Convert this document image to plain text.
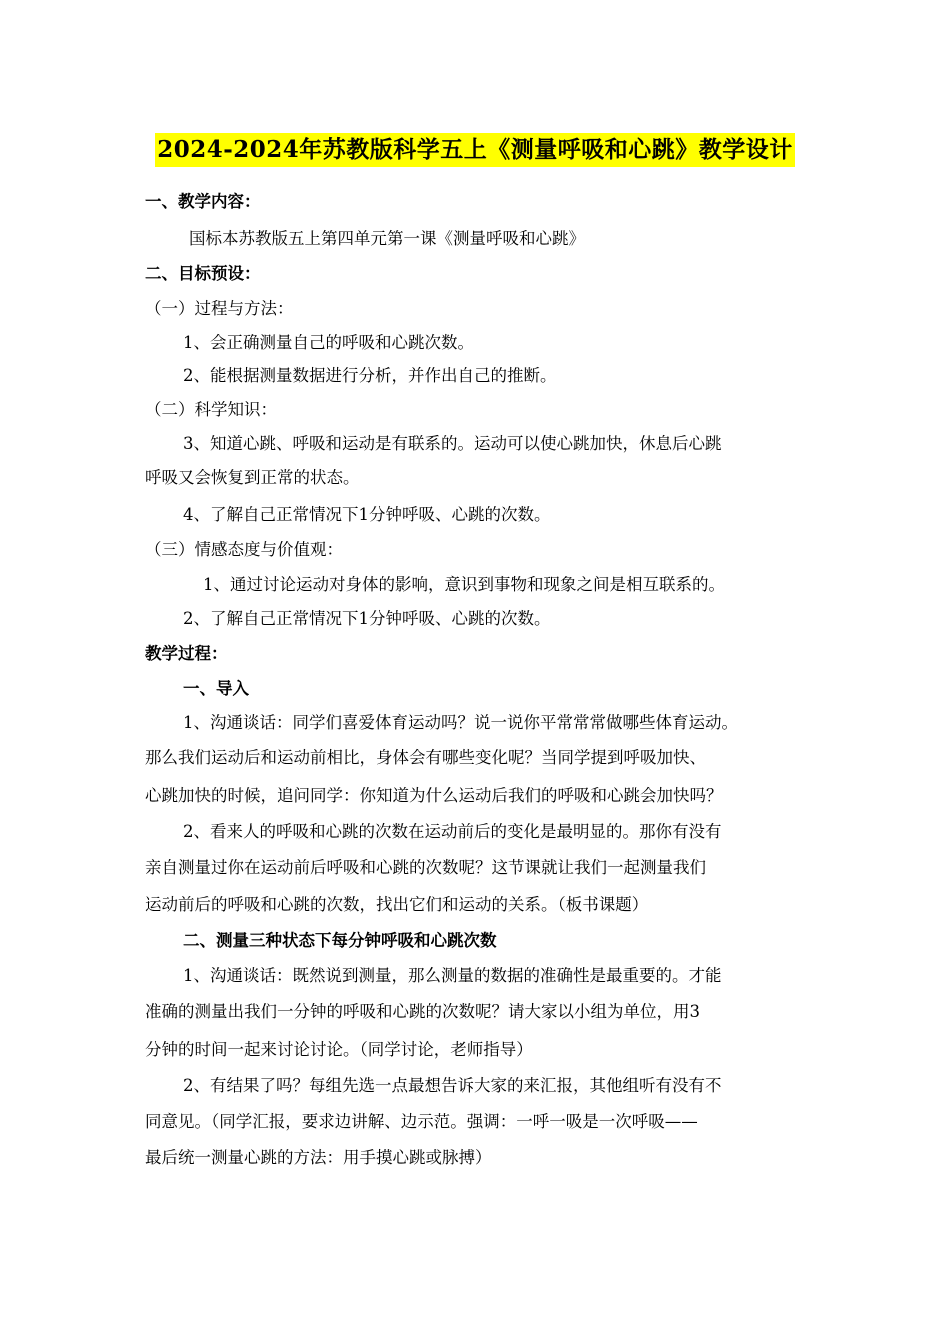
2024-2024年苏教版科学五上《测量呼吸和心跳》教学设计
一、教学内容：
国标本苏教版五上第四单元第一课《测量呼吸和心跳》
二、目标预设：
（一）过程与方法：
1、会正确测量自己的呼吸和心跳次数。
2、能根据测量数据进行分析，并作出自己的推断。
（二）科学知识：
3、知道心跳、呼吸和运动是有联系的。运动可以使心跳加快，休息后心跳
呼吸又会恢复到正常的状态。
4、了解自己正常情况下1分钟呼吸、心跳的次数。
（三）情感态度与价值观：
1、通过讨论运动对身体的影响，意识到事物和现象之间是相互联系的。
2、了解自己正常情况下1分钟呼吸、心跳的次数。
教学过程：
一、导入
1、沟通谈话：同学们喜爱体育运动吗？说一说你平常常常做哪些体育运动。
那么我们运动后和运动前相比，身体会有哪些变化呢？当同学提到呼吸加快、
心跳加快的时候，追问同学：你知道为什么运动后我们的呼吸和心跳会加快吗？
2、看来人的呼吸和心跳的次数在运动前后的变化是最明显的。那你有没有
亲自测量过你在运动前后呼吸和心跳的次数呢？这节课就让我们一起测量我们
运动前后的呼吸和心跳的次数，找出它们和运动的关系。（板书课题）
二、测量三种状态下每分钟呼吸和心跳次数
1、沟通谈话：既然说到测量，那么测量的数据的准确性是最重要的。才能
准确的测量出我们一分钟的呼吸和心跳的次数呢？请大家以小组为单位，用3
分钟的时间一起来讨论讨论。（同学讨论，老师指导）
2、有结果了吗？每组先选一点最想告诉大家的来汇报，其他组听有没有不
同意见。（同学汇报，要求边讲解、边示范。强调：一呼一吸是一次呼吸——
最后统一测量心跳的方法：用手摸心跳或脉搏）
